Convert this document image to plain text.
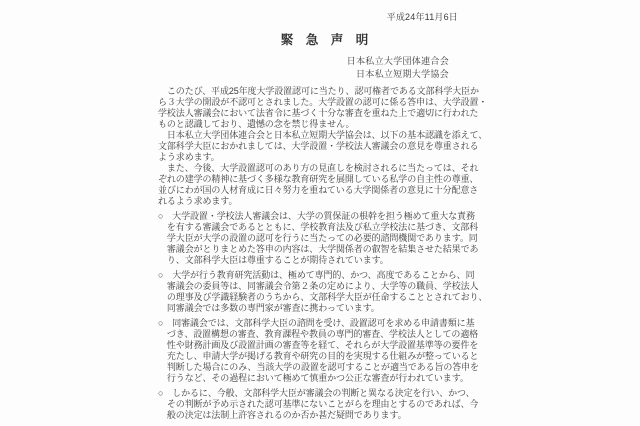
平成24年11月6日
緊　急　声　明
日本私立大学団体連合会
日本私立短期大学協会
　このたび、平成25年度大学設置認可に当たり、認可権者である文部科学大臣か
ら３大学の開設が不認可とされました。大学設置の認可に係る答申は、大学設置・
学校法人審議会において法省令に基づく十分な審査を重ねた上で適切に行われた
ものと認識しており、遺憾の念を禁じ得ません。
　日本私立大学団体連合会と日本私立短期大学協会は、以下の基本認識を添えて、
文部科学大臣におかれましては、大学設置・学校法人審議会の意見を尊重される
よう求めます。
　また、今後、大学設置認可のあり方の見直しを検討されるに当たっては、それ
ぞれの建学の精神に基づく多様な教育研究を展開している私学の自主性の尊重、
並びにわが国の人材育成に日々努力を重ねている大学関係者の意見に十分配意さ
れるよう求めます。
○　大学設置・学校法人審議会は、大学の質保証の根幹を担う極めて重大な責務
　を有する審議会であるとともに、学校教育法及び私立学校法に基づき、文部科
　学大臣が大学の設置の認可を行うに当たっての必要的諮問機関であります。同
　審議会がとりまとめた答申の内容は、大学関係者の叡智を結集させた結果であ
　り、文部科学大臣は尊重することが期待されています。
○　大学が行う教育研究活動は、極めて専門的、かつ、高度であることから、同
　審議会の委員等は、同審議会令第２条の定めにより、大学等の職員、学校法人
　の理事及び学識経験者のうちから、文部科学大臣が任命することとされており、
　同審議会では多数の専門家が審査に携わっています。
○　同審議会では、文部科学大臣の諮問を受け、設置認可を求める申請書類に基
　づき、設置構想の審査、教育課程や教員の専門的審査、学校法人としての適格
　性や財務計画及び設置計画の審査等を経て、それらが大学設置基準等の要件を
　充たし、申請大学が掲げる教育や研究の目的を実現する仕組みが整っていると
　判断した場合にのみ、当該大学の設置を認可することが適当である旨の答申を
　行うなど、その過程において極めて慎重かつ公正な審査が行われています。
○　しかるに、今般、文部科学大臣が審議会の判断と異なる決定を行い、かつ、
　その判断が予め示された認可基準にないことがらを理由とするのであれば、今
　般の決定は法制上許容されるのか否か甚だ疑問であります。
